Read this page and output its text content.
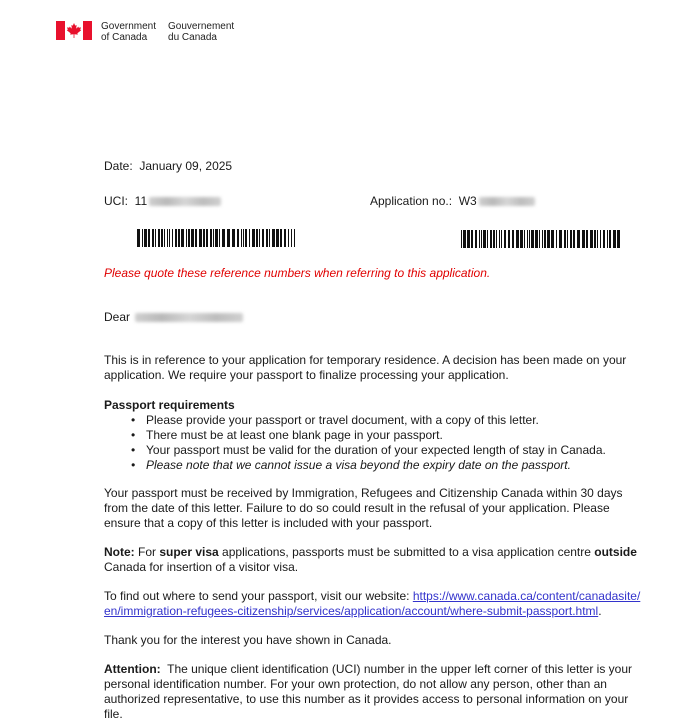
Government
of Canada
Gouvernement
du Canada
Date: January 09, 2025
UCI: 11	Application no.: W3
Please quote these reference numbers when referring to this application.
Dear

This is in reference to your application for temporary residence. A decision has been made on your application. We require your passport to finalize processing your application.

Passport requirements
• Please provide your passport or travel document, with a copy of this letter.
• There must be at least one blank page in your passport.
• Your passport must be valid for the duration of your expected length of stay in Canada.
• Please note that we cannot issue a visa beyond the expiry date on the passport.

Your passport must be received by Immigration, Refugees and Citizenship Canada within 30 days from the date of this letter. Failure to do so could result in the refusal of your application. Please ensure that a copy of this letter is included with your passport.

Note: For super visa applications, passports must be submitted to a visa application centre outside Canada for insertion of a visitor visa.

To find out where to send your passport, visit our website: https://www.canada.ca/content/canadasite/en/immigration-refugees-citizenship/services/application/account/where-submit-passport.html.

Thank you for the interest you have shown in Canada.

Attention:  The unique client identification (UCI) number in the upper left corner of this letter is your personal identification number. For your own protection, do not allow any person, other than an authorized representative, to use this number as it provides access to personal information on your file.
